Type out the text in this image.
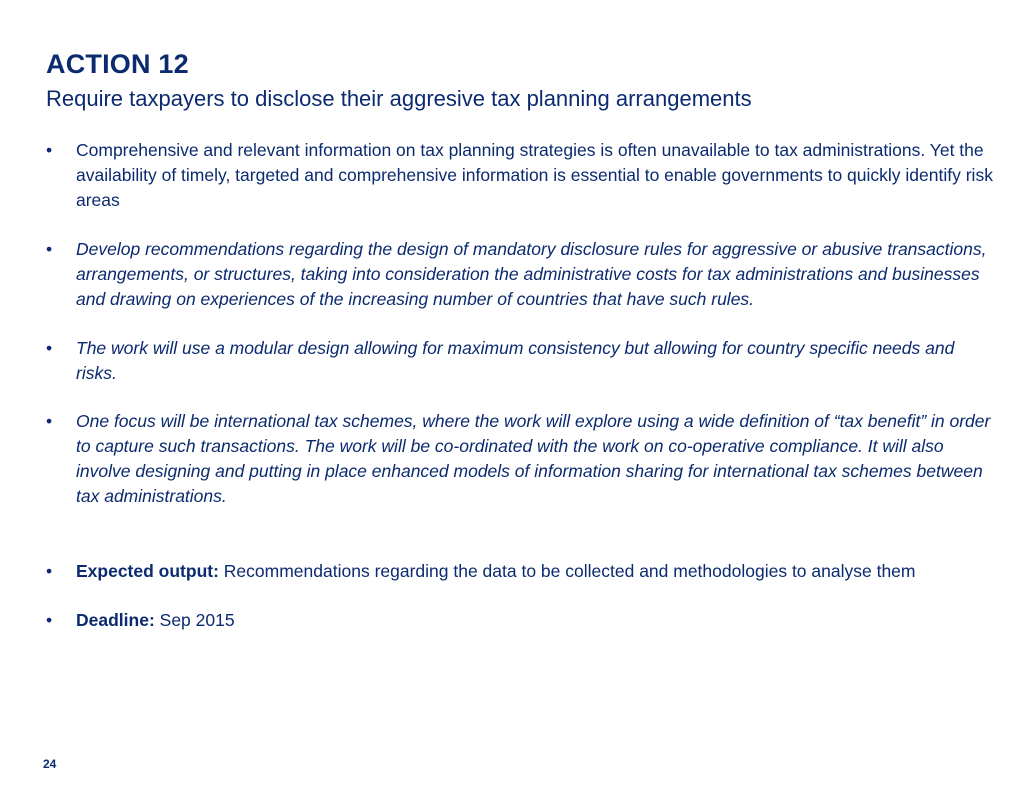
ACTION 12
Require taxpayers to disclose their aggresive tax planning arrangements
•	Comprehensive and relevant information on tax planning strategies is often unavailable to tax administrations. Yet the availability of timely, targeted and comprehensive information is essential to enable governments to quickly identify risk areas
•	Develop recommendations regarding the design of mandatory disclosure rules for aggressive or abusive transactions, arrangements, or structures, taking into consideration the administrative costs for tax administrations and businesses and drawing on experiences of the increasing number of countries that have such rules.
•	The work will use a modular design allowing for maximum consistency but allowing for country specific needs and risks.
•	One focus will be international tax schemes, where the work will explore using a wide definition of “tax benefit” in order to capture such transactions. The work will be co-ordinated with the work on co-operative compliance. It will also involve designing and putting in place enhanced models of information sharing for international tax schemes between tax administrations.
•	Expected output: Recommendations regarding the data to be collected and methodologies to analyse them
•	Deadline: Sep 2015
24
